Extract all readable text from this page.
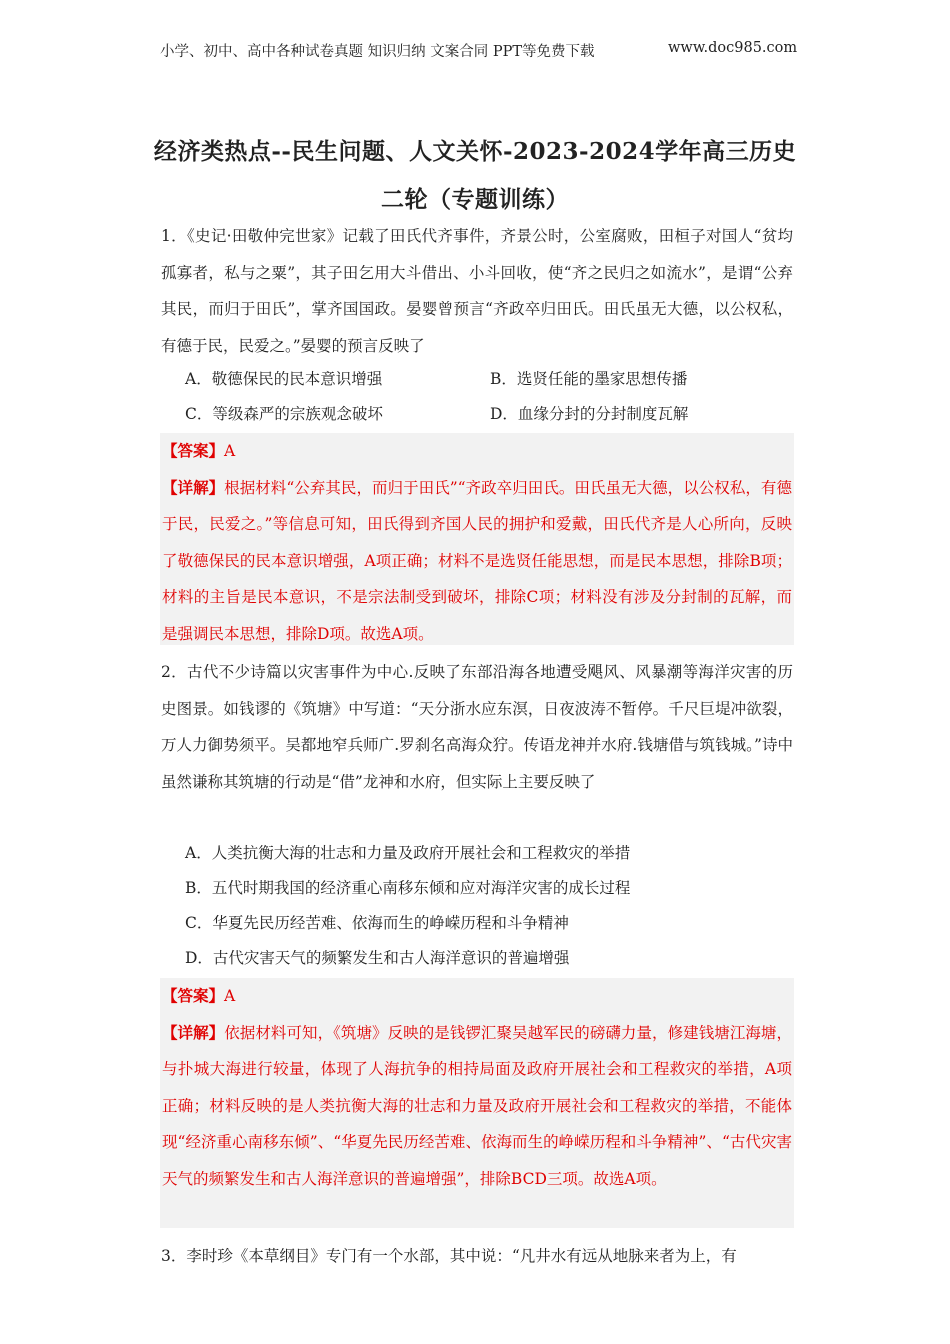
小学、初中、高中各种试卷真题 知识归纳 文案合同 PPT等免费下载	www.doc985.com
经济类热点--民生问题、人文关怀-2023-2024学年高三历史
二轮（专题训练）
1．《史记·田敬仲完世家》记载了田氏代齐事件，齐景公时，公室腐败，田桓子对国人“贫均孤寡者，私与之粟”，其子田乞用大斗借出、小斗回收，使“齐之民归之如流水”，是谓“公弃其民，而归于田氏”，掌齐国国政。晏婴曾预言“齐政卒归田氏。田氏虽无大德，以公权私，有德于民，民爱之。”晏婴的预言反映了
A．敬德保民的民本意识增强	B．选贤任能的墨家思想传播
C．等级森严的宗族观念破坏	D．血缘分封的分封制度瓦解
【答案】A
【详解】根据材料“公弃其民，而归于田氏”“齐政卒归田氏。田氏虽无大德，以公权私，有德于民，民爱之。”等信息可知，田氏得到齐国人民的拥护和爱戴，田氏代齐是人心所向，反映了敬德保民的民本意识增强，A项正确；材料不是选贤任能思想，而是民本思想，排除B项；材料的主旨是民本意识，不是宗法制受到破坏，排除C项；材料没有涉及分封制的瓦解，而是强调民本思想，排除D项。故选A项。
2．古代不少诗篇以灾害事件为中心.反映了东部沿海各地遭受飓风、风暴潮等海洋灾害的历史图景。如钱谬的《筑塘》中写道：“天分浙水应东溟，日夜波涛不暂停。千尺巨堤冲欲裂，万人力御势须平。吴都地窄兵师广.罗刹名高海众狞。传语龙神并水府.钱塘借与筑钱城。”诗中虽然谦称其筑塘的行动是“借”龙神和水府，但实际上主要反映了
A．人类抗衡大海的壮志和力量及政府开展社会和工程救灾的举措
B．五代时期我国的经济重心南移东倾和应对海洋灾害的成长过程
C．华夏先民历经苦难、依海而生的峥嵘历程和斗争精神
D．古代灾害天气的频繁发生和古人海洋意识的普遍增强
【答案】A
【详解】依据材料可知，《筑塘》反映的是钱锣汇聚吴越军民的磅礴力量，修建钱塘江海塘，与扑城大海进行较量，体现了人海抗争的相持局面及政府开展社会和工程救灾的举措，A项正确；材料反映的是人类抗衡大海的壮志和力量及政府开展社会和工程救灾的举措，不能体现“经济重心南移东倾”、“华夏先民历经苦难、依海而生的峥嵘历程和斗争精神”、“古代灾害天气的频繁发生和古人海洋意识的普遍增强”，排除BCD三项。故选A项。
3．李时珍《本草纲目》专门有一个水部，其中说：“凡井水有远从地脉来者为上，有
